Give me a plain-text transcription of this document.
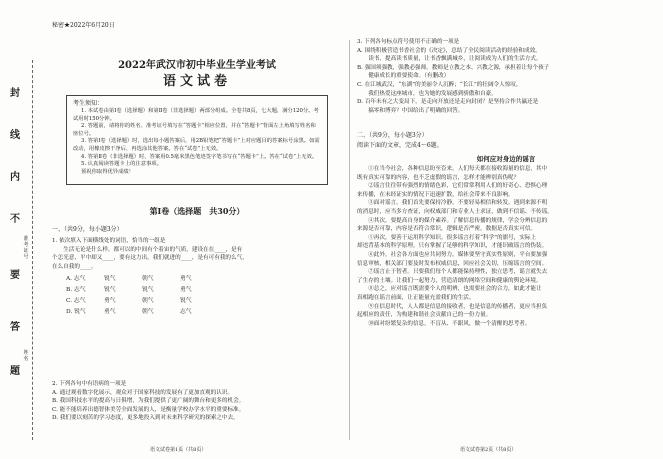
封
线
内
不
要
答
题
准考证号
姓名
秘密★2022年6月20日
2022年武汉市初中毕业生学业考试
语文试卷
考生须知：

1. 本试卷由第Ⅰ卷（选择题）和第Ⅱ卷（非选择题）两部分组成。全卷共8页，七大题，满分120分。考试用时150分钟。

2. 答题前，请将你的姓名、准考证号填写在“答题卡”相应位置，并在“答题卡”背面左上角填写姓名和座位号。

3. 答第Ⅰ卷（选择题）时，选出每小题答案后，用2B铅笔把“答题卡”上对应题目的答案标号涂黑。如需改动，用橡皮擦干净后，再选涂其他答案。答在“试卷”上无效。

4. 答第Ⅱ卷（非选择题）时，答案用0.5毫米黑色笔迹签字笔书写在“答题卡”上。答在“试卷”上无效。

5. 认真阅读答题卡上的注意事项。

预祝你取得优异成绩！

第Ⅰ卷（选择题　共30分）
一、（共9分，每小题3分）
1. 依次填入下面横线处的词语，恰当的一组是
　　生活无论是什么样，都可以的中间有个着宙的气质，建设在在____，是有
个怎光意，平中却又____，要有这力出，我们就进的____，是有可有我的么气，
在么自我的____。
A. 志气	锐气	朝气	勇气
B. 志气	锐气	锐气	勇气
C. 志气	勇气	朝气	锐气
D. 锐气	勇气	朝气	志气
2. 下列各句中有语病的一项是
A. 通过观看数字化展示，观众对于国家科技的发展有了更加直观的认识。
B. 我国科技水平的提高与日俱增，为我们提供了更广阔的舞台和更多的机会。
C. 能不能培养出德智体美劳全面发展的人，是衡量学校办学水平的重要标准。
D. 我们要以刻苦的学习态度，更多地投入到对未来科学研究的探索之中去。
3. 下列各句标点符号使用不正确的一项是
A. 围绕积极营造书香社会的《决定》，总结了全民阅读活动的经验和成效。
　　读书，提高读书质量，让书香飘满城乡，让阅读成为人们的生活方式。
B. 强国须强教，强教必强师。教师是立教之本、兴教之源，承担着让每个孩子
　　健康成长的重要使命。（有删改）
C. 在江城武汉，“东湖”的美丽令人沉醉；“长江”的壮阔令人惊叹。
　　我们热爱这座城市，也为她的发展感到骄傲和自豪。
D. 百年未有之大变局下，是走向开放还是走向封闭？是坚持合作共赢还是
　　搞零和博弈？中国给出了明确的回答。
二、（共9分，每小题3分）
阅读下面的文章，完成4～6题。
如何应对身边的谣言
　　①在当今社会，各种信息纷至沓来，人们每天都在接收海量的信息，其中
既有真实可靠的内容，也不乏虚假的谣言，怎样才能辨别真伪呢？
　　②谣言往往带有强烈的情绪色彩，它们常常利用人们的好奇心、恐惧心理
来传播，在未经证实的情况下迅速扩散，给社会带来不良影响。
　　③面对谣言，我们首先要保持冷静，不要轻易相信和转发。遇到来源不明
的消息时，应当多方查证，向权威部门和专业人士求证，做到不信谣、不传谣。
　　④其次，要提高自身的媒介素养。了解信息传播的规律，学会分辨信息的
来源是否可靠，内容是否符合常识，逻辑是否严密，数据是否真实可信。
　　⑤再次，要善于运用科学知识。很多谣言打着“科学”的旗号，实际上
却违背基本的科学原理。只有掌握了足够的科学知识，才能识破谣言的伪装。
　　⑥此外，社会各方面也应共同努力。媒体要坚守真实性原则，平台要加强
信息审核，相关部门要及时发布权威信息，回应社会关切，压缩谣言的空间。
　　⑦谣言止于智者。只要我们每个人都能保持理性，独立思考，谣言就失去
了生存的土壤。让我们一起努力，营造清朗的网络空间和健康的舆论环境。
　　⑧总之，应对谣言既需要个人的明辨，也需要社会的合力，如此才能让
真相跑在谣言前面，让正能量充盈我们的生活。
　　⑨在信息时代，人人都是信息的接收者，也是信息的传播者，更应当担负
起相应的责任，为构建和谐社会贡献自己的一份力量。
　　⑩面对纷繁复杂的信息，不盲从、不跟风，做一个清醒的思考者。
语文试卷第1页（共8页）	语文试卷第2页（共8页）
